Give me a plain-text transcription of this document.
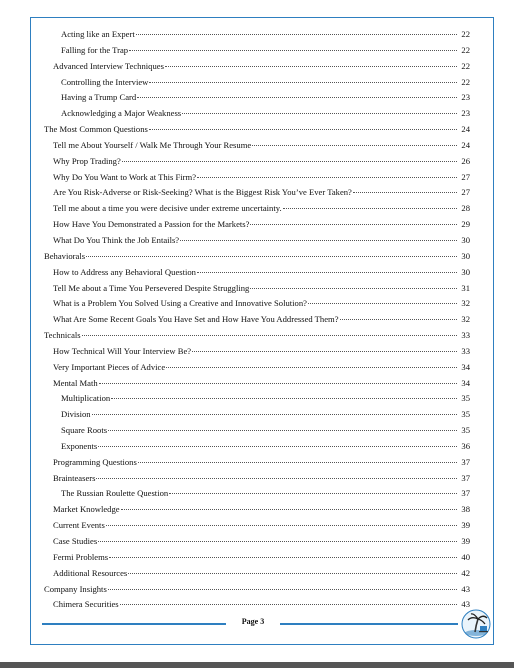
Acting like an Expert	22
Falling for the Trap	22
Advanced Interview Techniques	22
Controlling the Interview	22
Having a Trump Card	23
Acknowledging a Major Weakness	23
The Most Common Questions	24
Tell me About Yourself / Walk Me Through Your Resume	24
Why Prop Trading?	26
Why Do You Want to Work at This Firm?	27
Are You Risk-Adverse or Risk-Seeking? What is the Biggest Risk You’ve Ever Taken?	27
Tell me about a time you were decisive under extreme uncertainty.	28
How Have You Demonstrated a Passion for the Markets?	29
What Do You Think the Job Entails?	30
Behaviorals	30
How to Address any Behavioral Question	30
Tell Me about a Time You Persevered Despite Struggling	31
What is a Problem You Solved Using a Creative and Innovative Solution?	32
What Are Some Recent Goals You Have Set and How Have You Addressed Them?	32
Technicals	33
How Technical Will Your Interview Be?	33
Very Important Pieces of Advice	34
Mental Math	34
Multiplication	35
Division	35
Square Roots	35
Exponents	36
Programming Questions	37
Brainteasers	37
The Russian Roulette Question	37
Market Knowledge	38
Current Events	39
Case Studies	39
Fermi Problems	40
Additional Resources	42
Company Insights	43
Chimera Securities	43
Page 3
